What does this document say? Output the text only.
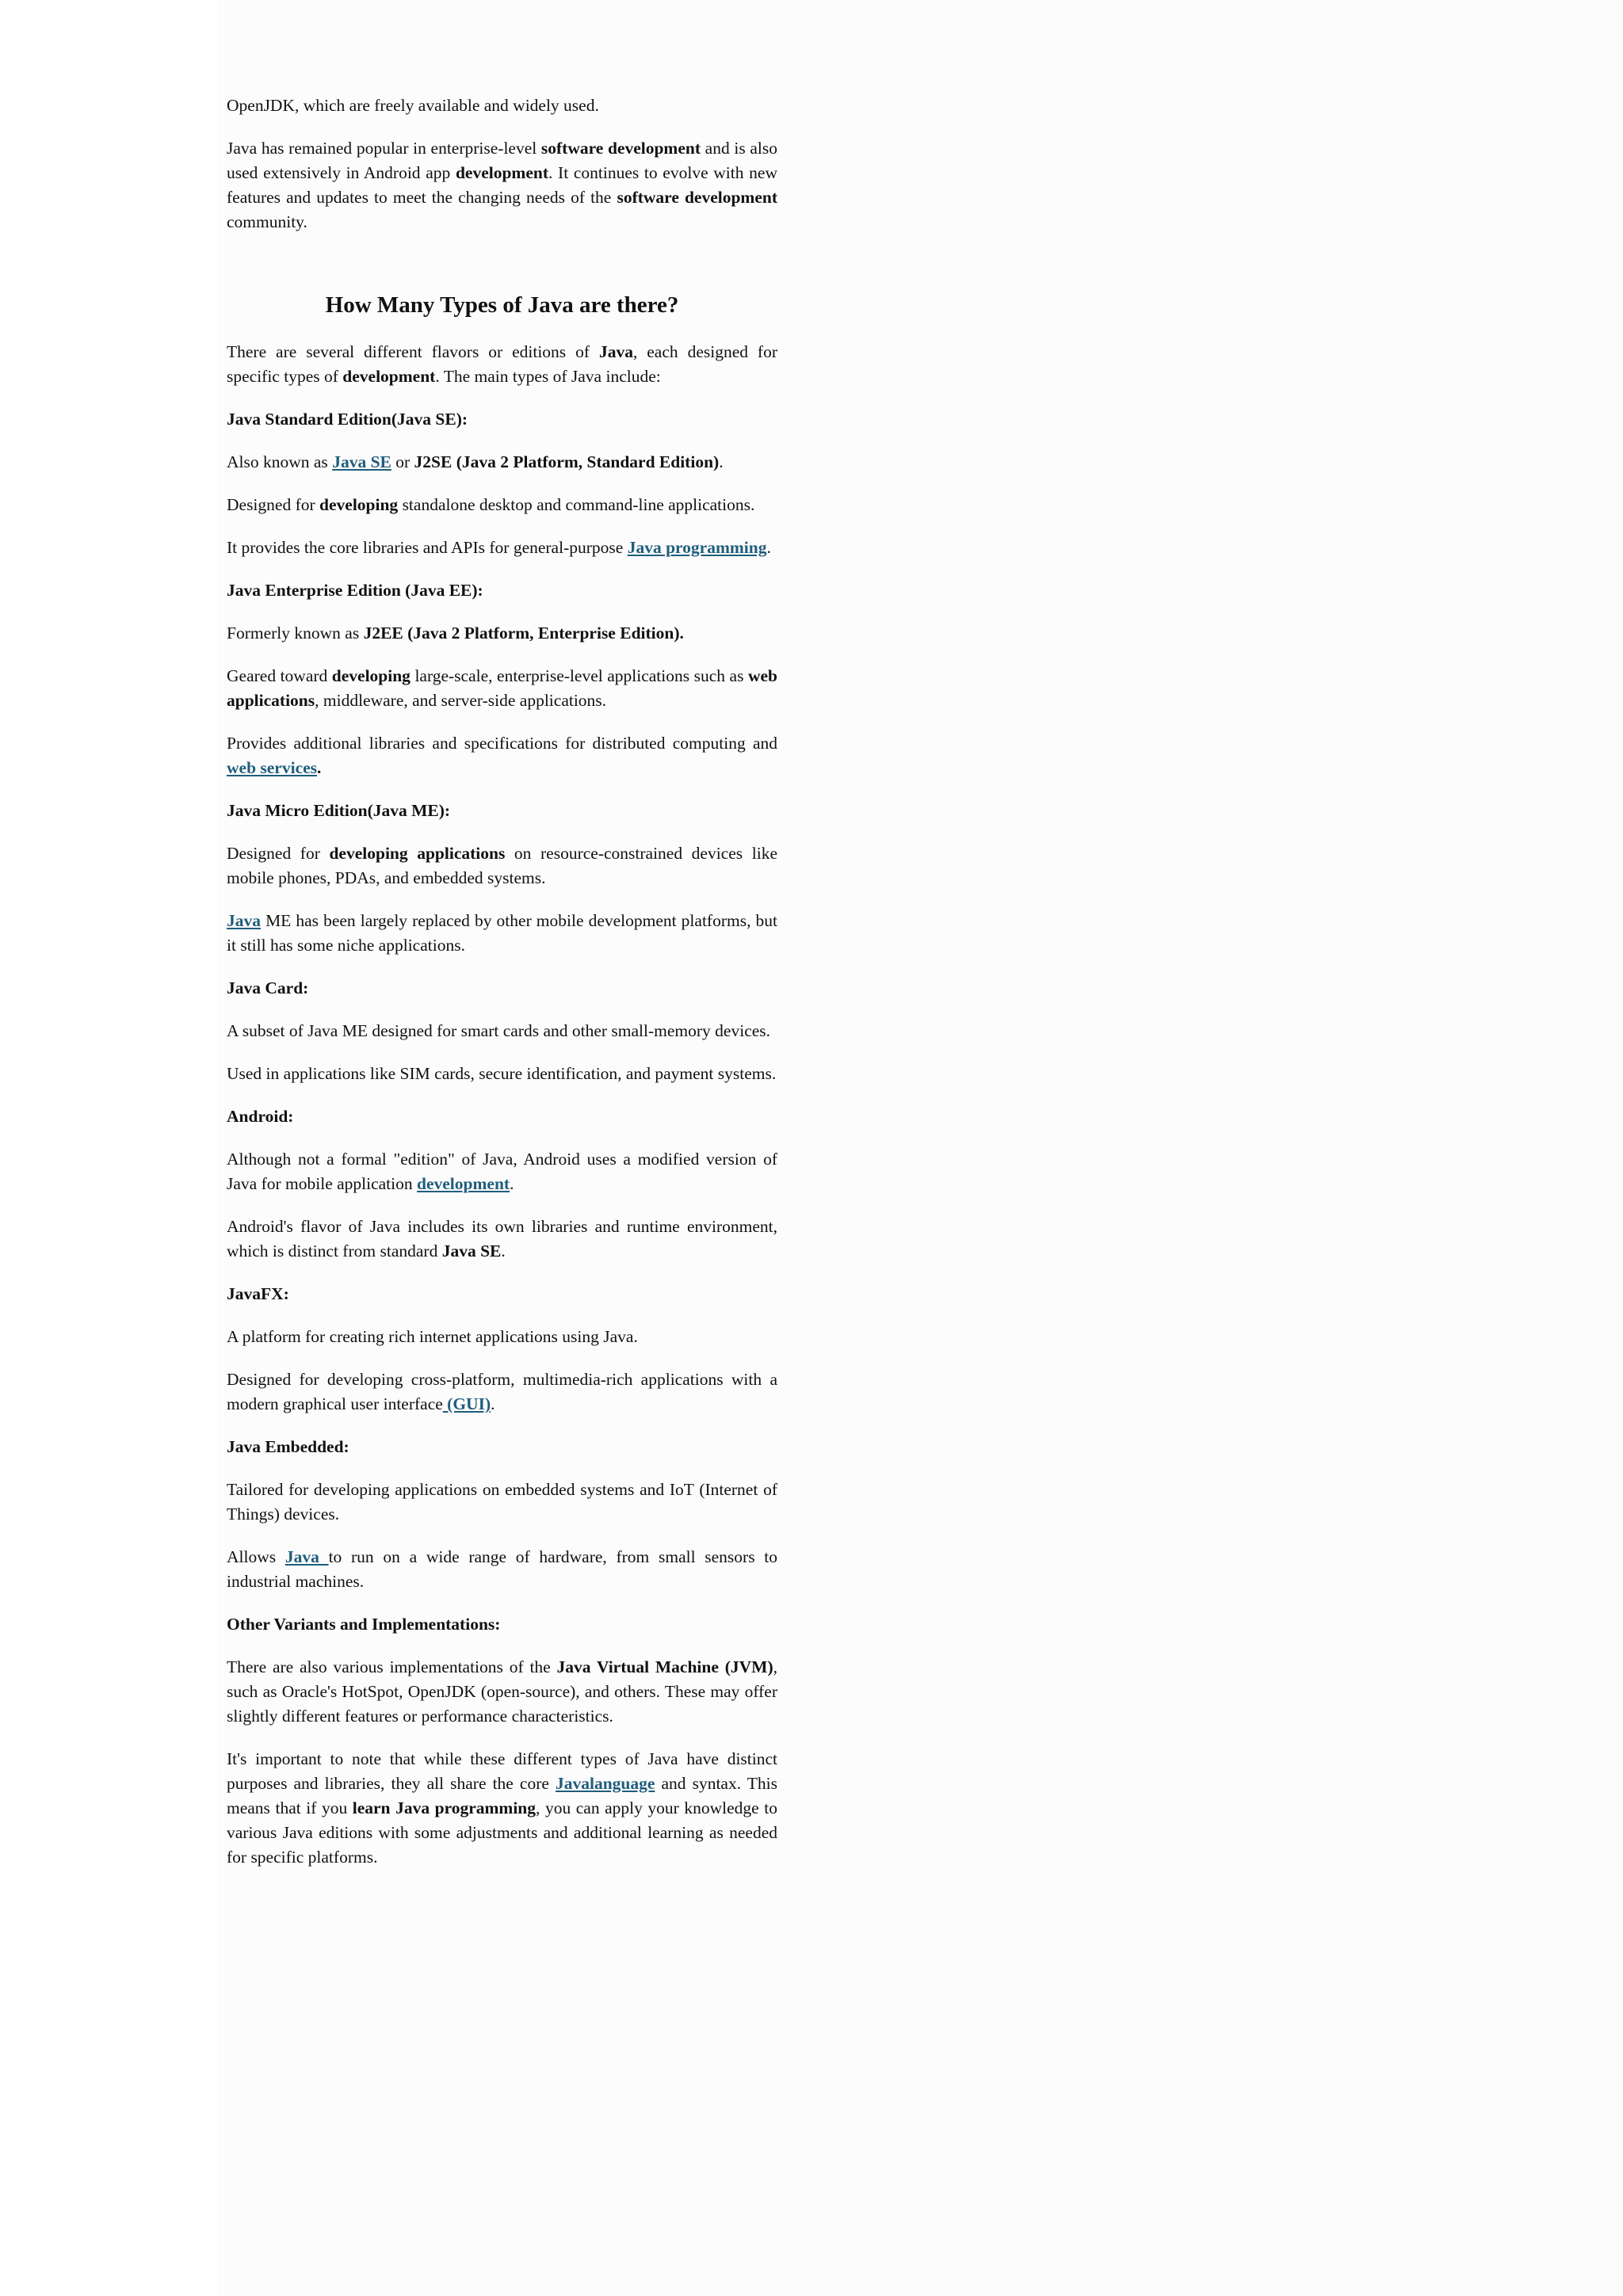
OpenJDK, which are freely available and widely used.

Java has remained popular in enterprise-level software development and is also used extensively in Android app development. It continues to evolve with new features and updates to meet the changing needs of the software development community.

How Many Types of Java are there?

There are several different flavors or editions of Java, each designed for specific types of development. The main types of Java include:

Java Standard Edition(Java SE):

Also known as Java SE or J2SE (Java 2 Platform, Standard Edition).

Designed for developing standalone desktop and command-line applications.

It provides the core libraries and APIs for general-purpose Java programming.

Java Enterprise Edition (Java EE):

Formerly known as J2EE (Java 2 Platform, Enterprise Edition).

Geared toward developing large-scale, enterprise-level applications such as web applications, middleware, and server-side applications.

Provides additional libraries and specifications for distributed computing and web services.

Java Micro Edition(Java ME):

Designed for developing applications on resource-constrained devices like mobile phones, PDAs, and embedded systems.

Java ME has been largely replaced by other mobile development platforms, but it still has some niche applications.

Java Card:

A subset of Java ME designed for smart cards and other small-memory devices.

Used in applications like SIM cards, secure identification, and payment systems.

Android:

Although not a formal "edition" of Java, Android uses a modified version of Java for mobile application development.

Android's flavor of Java includes its own libraries and runtime environment, which is distinct from standard Java SE.

JavaFX:

A platform for creating rich internet applications using Java.

Designed for developing cross-platform, multimedia-rich applications with a modern graphical user interface (GUI).

Java Embedded:

Tailored for developing applications on embedded systems and IoT (Internet of Things) devices.

Allows Java to run on a wide range of hardware, from small sensors to industrial machines.

Other Variants and Implementations:

There are also various implementations of the Java Virtual Machine (JVM), such as Oracle's HotSpot, OpenJDK (open-source), and others. These may offer slightly different features or performance characteristics.

It's important to note that while these different types of Java have distinct purposes and libraries, they all share the core Javalanguage and syntax. This means that if you learn Java programming, you can apply your knowledge to various Java editions with some adjustments and additional learning as needed for specific platforms.
